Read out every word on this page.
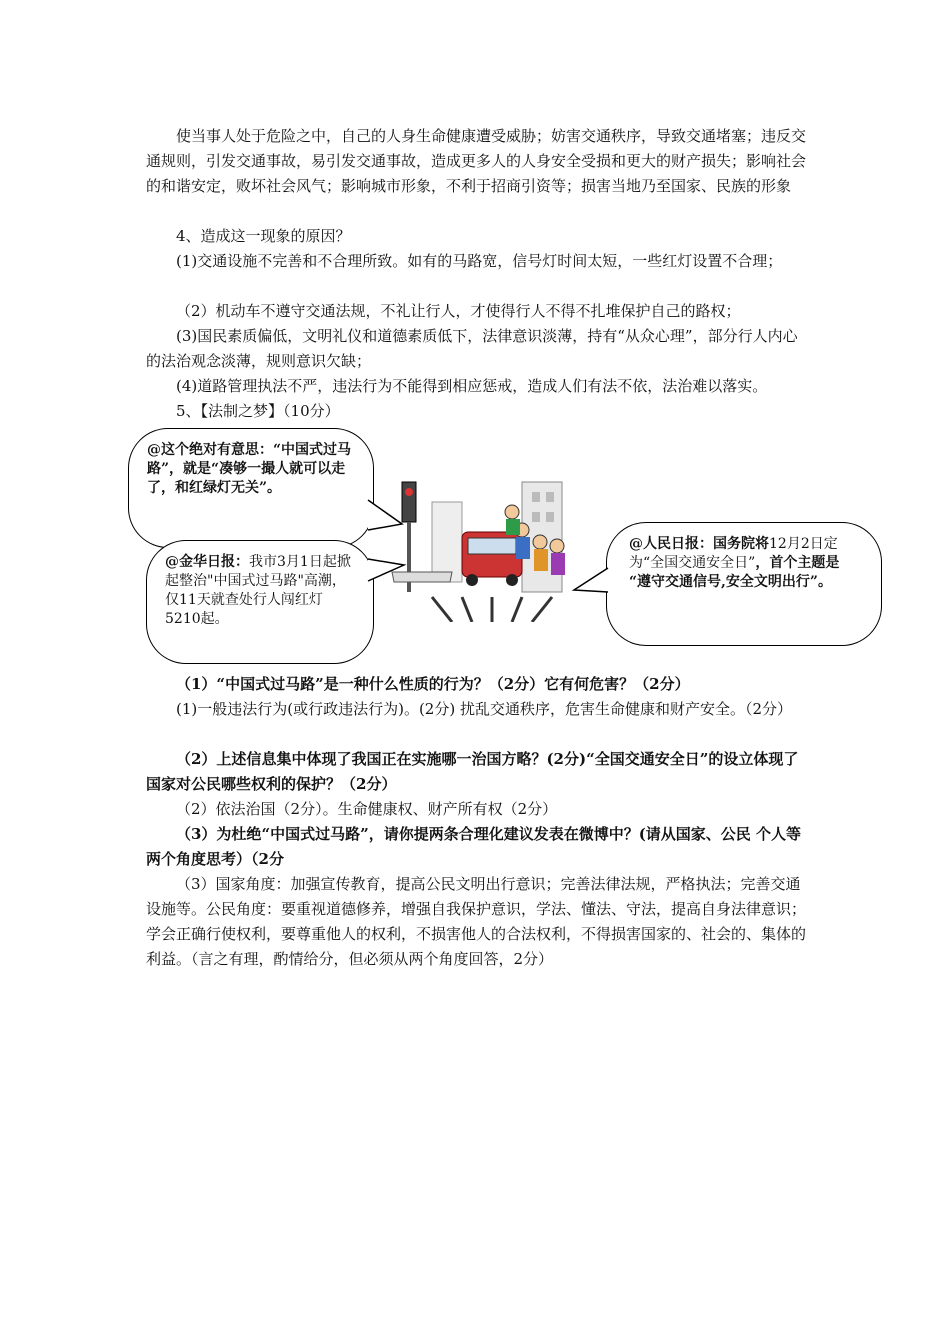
使当事人处于危险之中，自己的人身生命健康遭受威胁；妨害交通秩序，导致交通堵塞；违反交通规则，引发交通事故，易引发交通事故，造成更多人的人身安全受损和更大的财产损失；影响社会的和谐安定，败坏社会风气；影响城市形象，不利于招商引资等；损害当地乃至国家、民族的形象

4、造成这一现象的原因？

(1)交通设施不完善和不合理所致。如有的马路宽，信号灯时间太短，一些红灯设置不合理；

（2）机动车不遵守交通法规，不礼让行人，才使得行人不得不扎堆保护自己的路权；

(3)国民素质偏低，文明礼仪和道德素质低下，法律意识淡薄，持有“从众心理”，部分行人内心的法治观念淡薄，规则意识欠缺；

(4)道路管理执法不严，违法行为不能得到相应惩戒，造成人们有法不依，法治难以落实。

5、【法制之梦】（10分）

@这个绝对有意思：“中国式过马路”，就是“凑够一撮人就可以走了，和红绿灯无关”。
@金华日报：我市3月1日起掀起整治"中国式过马路"高潮，仅11天就查处行人闯红灯5210起。
@人民日报：国务院将12月2日定为“全国交通安全日”，首个主题是 “遵守交通信号,安全文明出行”。

（1）“中国式过马路”是一种什么性质的行为？（2分）它有何危害？（2分）

(1)一般违法行为(或行政违法行为)。(2分) 扰乱交通秩序，危害生命健康和财产安全。（2分）

（2）上述信息集中体现了我国正在实施哪一治国方略？(2分)“全国交通安全日”的设立体现了国家对公民哪些权利的保护？（2分）

（2）依法治国（2分）。生命健康权、财产所有权（2分）

（3）为杜绝“中国式过马路”，请你提两条合理化建议发表在微博中？(请从国家、公民 个人等两个角度思考）（2分

（3）国家角度：加强宣传教育，提高公民文明出行意识；完善法律法规，严格执法；完善交通设施等。公民角度：要重视道德修养，增强自我保护意识，学法、懂法、守法，提高自身法律意识；学会正确行使权利，要尊重他人的权利，不损害他人的合法权利，不得损害国家的、社会的、集体的利益。（言之有理，酌情给分，但必须从两个角度回答，2分）
